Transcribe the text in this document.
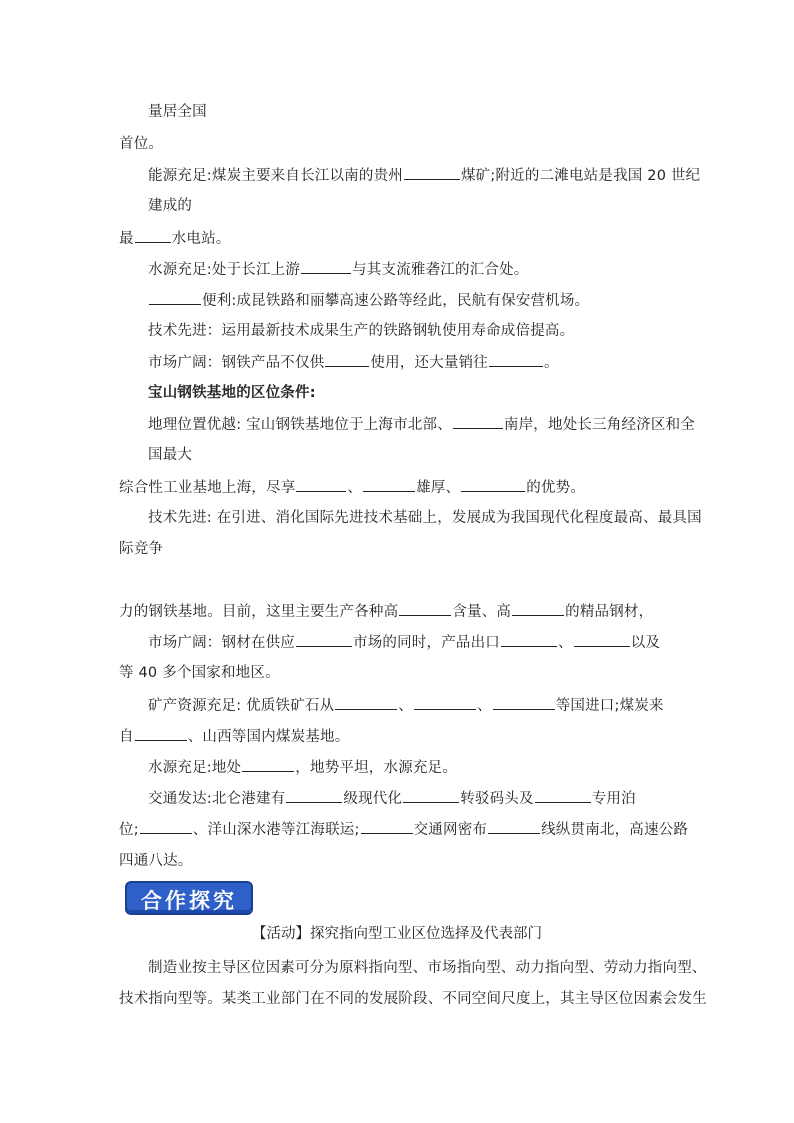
量居全国
首位。
能源充足:煤炭主要来自长江以南的贵州	煤矿;附近的二滩电站是我国 20 世纪
建成的
最	水电站。
水源充足:处于长江上游	与其支流雅砻江的汇合处。
便利:成昆铁路和丽攀高速公路等经此，民航有保安营机场。
技术先进：运用最新技术成果生产的铁路钢轨使用寿命成倍提高。
市场广阔：钢铁产品不仅供	使用，还大量销往	。
宝山钢铁基地的区位条件:
地理位置优越: 宝山钢铁基地位于上海市北部、	南岸，地处长三角经济区和全
国最大
综合性工业基地上海，尽享	、	雄厚、	的优势。
技术先进: 在引进、消化国际先进技术基础上，发展成为我国现代化程度最高、最具国
际竞争
力的钢铁基地。目前，这里主要生产各种高	含量、高	的精品钢材，
市场广阔：钢材在供应	市场的同时，产品出口	、	以及
等 40 多个国家和地区。
矿产资源充足: 优质铁矿石从	、	、	等国进口;煤炭来
自	、山西等国内煤炭基地。
水源充足:地处	，地势平坦，水源充足。
交通发达:北仑港建有	级现代化	转驳码头及	专用泊
位;	、洋山深水港等江海联运;	交通网密布	线纵贯南北，高速公路
四通八达。
合作探究
【活动】探究指向型工业区位选择及代表部门
制造业按主导区位因素可分为原料指向型、市场指向型、动力指向型、劳动力指向型、
技术指向型等。某类工业部门在不同的发展阶段、不同空间尺度上，其主导区位因素会发生
